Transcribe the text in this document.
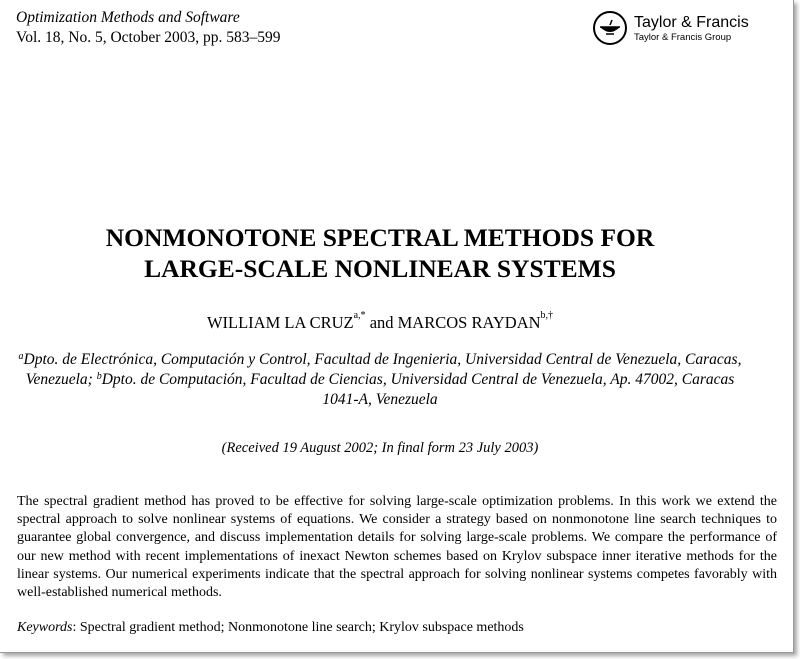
Optimization Methods and Software
Vol. 18, No. 5, October 2003, pp. 583–599
Taylor & Francis
Taylor & Francis Group
NONMONOTONE SPECTRAL METHODS FOR
LARGE-SCALE NONLINEAR SYSTEMS
WILLIAM LA $CRUZ^{a,*}$ and MARCOS $RAYDAN^{b,\dagger}$
$^a$Dpto. de Electrónica, Computación y Control, Facultad de Ingenieria, Universidad Central de Venezuela, Caracas, Venezuela; $^b$Dpto. de Computación, Facultad de Ciencias, Universidad Central de Venezuela, Ap. 47002, Caracas 1041-A, Venezuela
(Received 19 August 2002; In final form 23 July 2003)
The spectral gradient method has proved to be effective for solving large-scale optimization problems. In this work we extend the spectral approach to solve nonlinear systems of equations. We consider a strategy based on nonmonotone line search techniques to guarantee global convergence, and discuss implementation details for solving large-scale problems. We compare the performance of our new method with recent implementations of inexact Newton schemes based on Krylov subspace inner iterative methods for the linear systems. Our numerical experiments indicate that the spectral approach for solving nonlinear systems competes favorably with well-established numerical methods.
Keywords: Spectral gradient method; Nonmonotone line search; Krylov subspace methods
